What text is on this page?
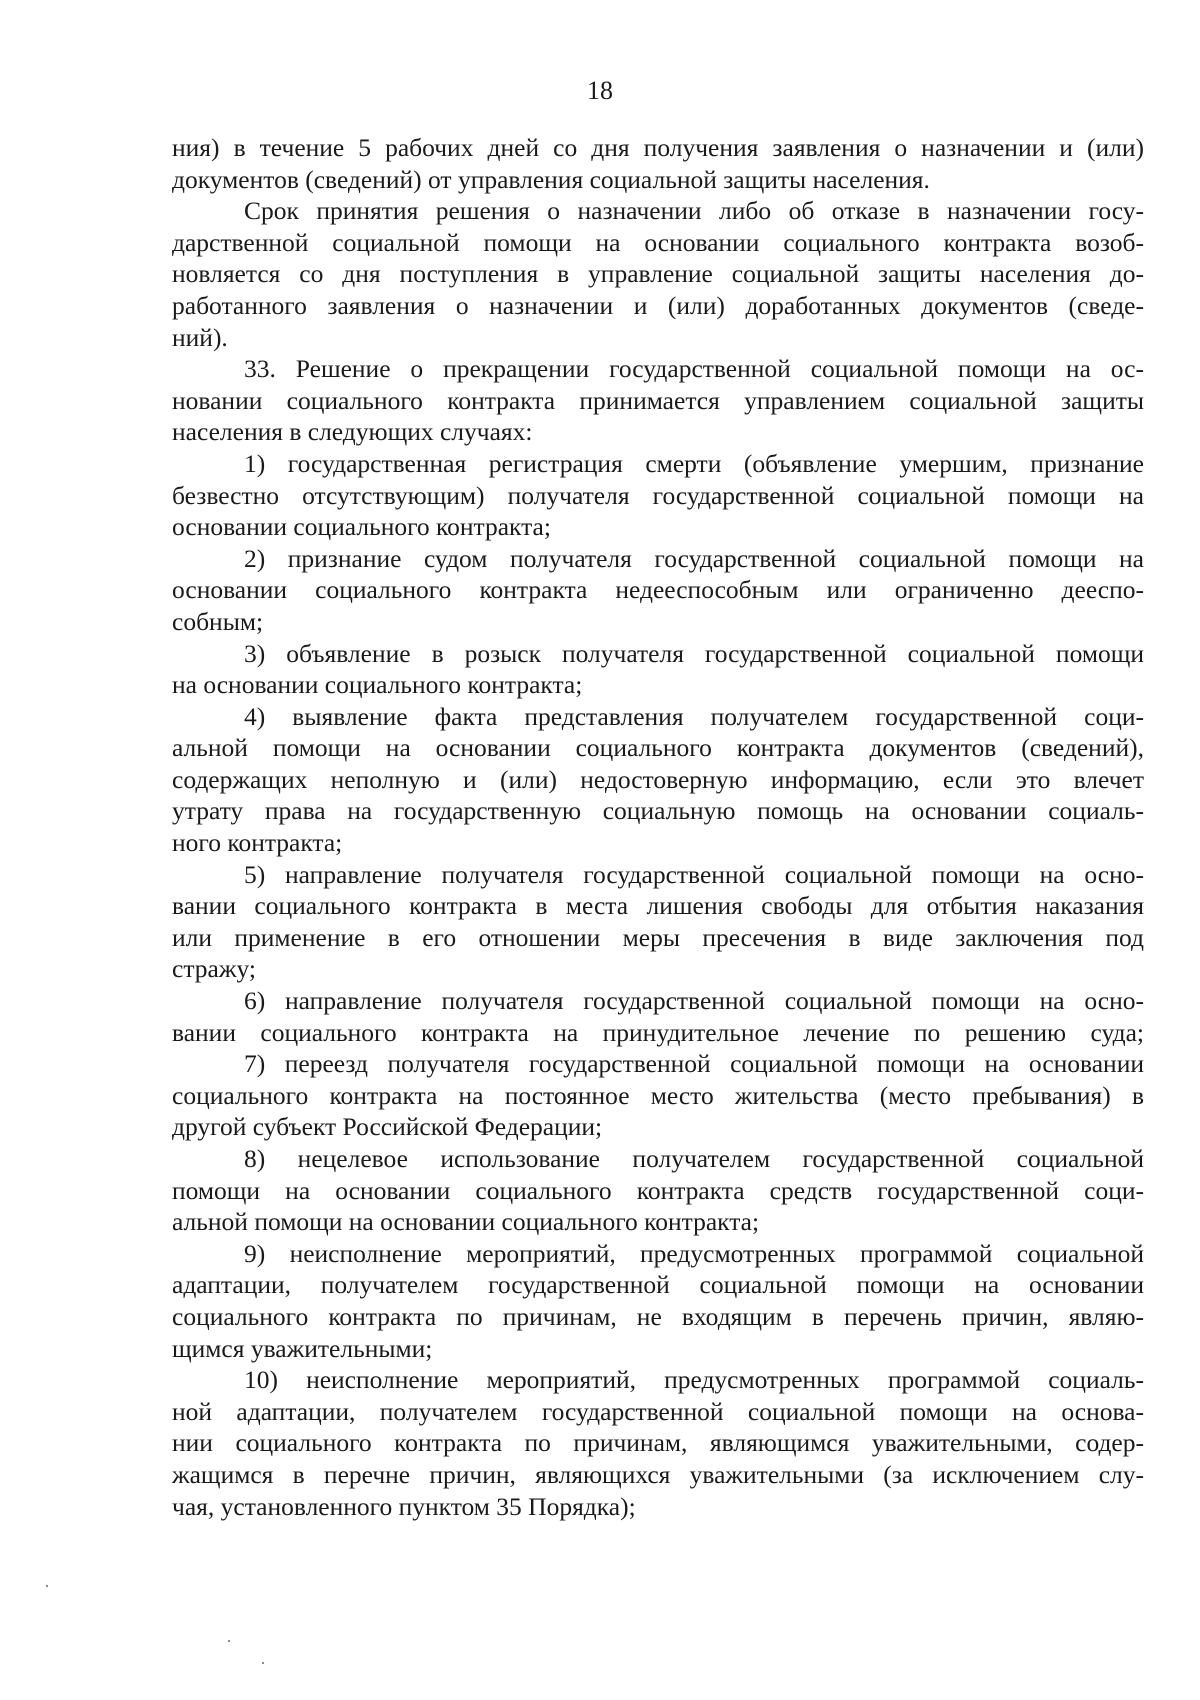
18
ния) в течение 5 рабочих дней со дня получения заявления о назначении и (или)
документов (сведений) от управления социальной защиты населения.
Срок принятия решения о назначении либо об отказе в назначении госу-
дарственной социальной помощи на основании социального контракта возоб-
новляется со дня поступления в управление социальной защиты населения до-
работанного заявления о назначении и (или) доработанных документов (сведе-
ний).
33. Решение о прекращении государственной социальной помощи на ос-
новании социального контракта принимается управлением социальной защиты
населения в следующих случаях:
1) государственная регистрация смерти (объявление умершим, признание
безвестно отсутствующим) получателя государственной социальной помощи на
основании социального контракта;
2) признание судом получателя государственной социальной помощи на
основании социального контракта недееспособным или ограниченно дееспо-
собным;
3) объявление в розыск получателя государственной социальной помощи
на основании социального контракта;
4) выявление факта представления получателем государственной соци-
альной помощи на основании социального контракта документов (сведений),
содержащих неполную и (или) недостоверную информацию, если это влечет
утрату права на государственную социальную помощь на основании социаль-
ного контракта;
5) направление получателя государственной социальной помощи на осно-
вании социального контракта в места лишения свободы для отбытия наказания
или применение в его отношении меры пресечения в виде заключения под
стражу;
6) направление получателя государственной социальной помощи на осно-
вании социального контракта на принудительное лечение по решению суда;
7) переезд получателя государственной социальной помощи на основании
социального контракта на постоянное место жительства (место пребывания) в
другой субъект Российской Федерации;
8) нецелевое использование получателем государственной социальной
помощи на основании социального контракта средств государственной соци-
альной помощи на основании социального контракта;
9) неисполнение мероприятий, предусмотренных программой социальной
адаптации, получателем государственной социальной помощи на основании
социального контракта по причинам, не входящим в перечень причин, являю-
щимся уважительными;
10) неисполнение мероприятий, предусмотренных программой социаль-
ной адаптации, получателем государственной социальной помощи на основа-
нии социального контракта по причинам, являющимся уважительными, содер-
жащимся в перечне причин, являющихся уважительными (за исключением слу-
чая, установленного пунктом 35 Порядка);
